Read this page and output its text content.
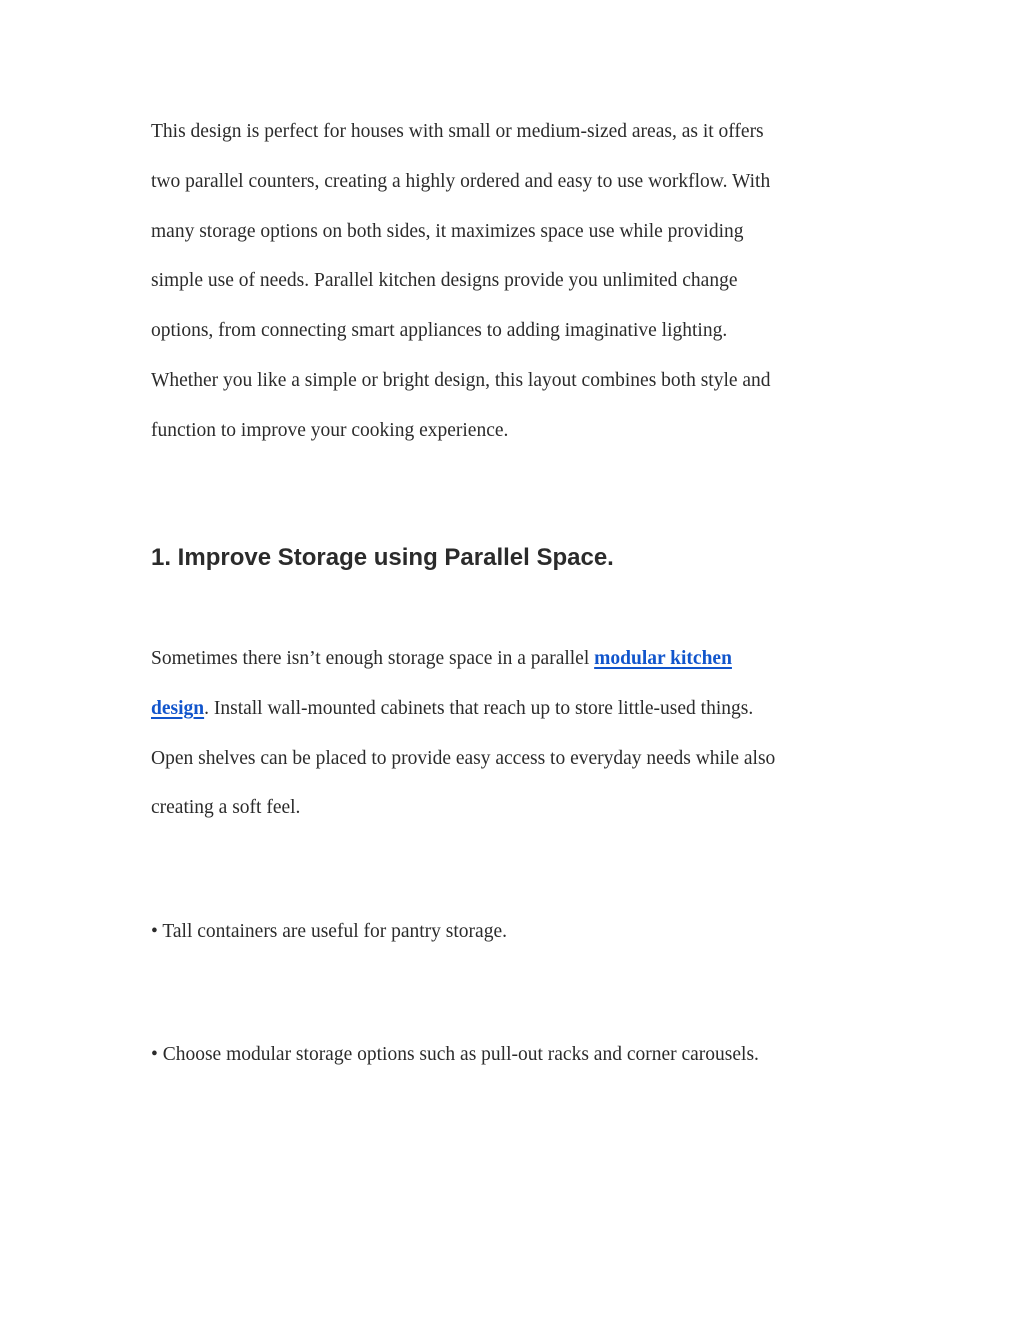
This design is perfect for houses with small or medium-sized areas, as it offers
two parallel counters, creating a highly ordered and easy to use workflow. With
many storage options on both sides, it maximizes space use while providing
simple use of needs. Parallel kitchen designs provide you unlimited change
options, from connecting smart appliances to adding imaginative lighting.
Whether you like a simple or bright design, this layout combines both style and
function to improve your cooking experience.
1. Improve Storage using Parallel Space.
Sometimes there isn’t enough storage space in a parallel modular kitchen
design. Install wall-mounted cabinets that reach up to store little-used things.
Open shelves can be placed to provide easy access to everyday needs while also
creating a soft feel.
• Tall containers are useful for pantry storage.
• Choose modular storage options such as pull-out racks and corner carousels.
